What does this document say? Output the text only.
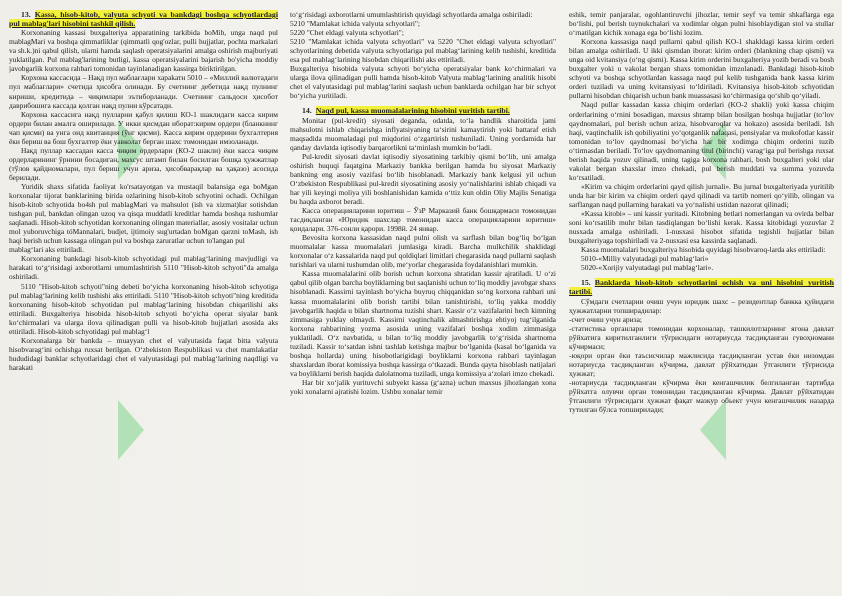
13. Kassa, hisob-kitob, valyuta schyoti va bankdagi boshqa schyotlardagi pul mablag'lari hisobini tashkil qilish.

Korxonaning kassasi buxgalteriya apparatining tarkibida boMib, unga naqd pul mablagMari va boshqa qimmatliklar (qimmatli qog'ozlar, pulli hujjatlar, pochta markalari va sh.k.)ni qabul qilish, ularni hamda saqlash operatsiyalarini amalga oshirish majburiyati yuklatilgan. Pul mablag'larining butligi, kassa operatsiyalarini bajarish bo'yicha moddiy javobgarlik korxona rahbari tomonidan tayinlanadigan kassirga biriktirilgan.

Корхона кассасида – Нақд пул маблағлари хараkатн 5010 – «Миллий валютадаги пул маблағлари» счетида ҳисобга олинади. Бу счетнинг дебетида нақд пулнинг кириши, кредитида – чиқимлари эътиборланади. Счетнинг сальдоси ҳисобот даврибошига кассада қолган нақд пулни кўрсатади.

Корхона кассасига нақд пулларни қабул қилиш КО-1 шаклидаги касса кирим ордери билан амалга оширилади. У икки қисмдан иборат:кирим ордери (бланкнинг чап қисми) ва унга оид квитанция (ўнг қисми). Касса кирим ордерини бухгалтерия ёки бериш ва бош бухгалтер ёки уавколат берган шахс томонидан имзоланади.

Нақд пуллар кассадан касса чиқим ордерлари (КО-2 шакли) ёки касса чиқим ордерларининг ўрнини босадиган, махсус штамп билан босилган бошқа ҳужжатлар (тўлов қайдномалари, пул бериш учун ариза, ҳисобварақлар ва ҳақазо) асосида берилади.

Yuridik shaxs sifatida faoliyat ko'rsatayotgan va mustaqil balansiga ega boMgan korxonalar tijorat banklarining birida ozlarining hisob-kitob schyotini ochadi. Ochilgan hisob-kitob schyotida bo4sh pul mablagMari va mahsulot (ish va xizmat)lar sotishdan tushgan pul, bankdan olingan uzoq va qisqa muddatli kreditlar hamda boshqa tushumlar saqlanadi. Hisob-kitob schyotidan korxonaning olingan materiallar, asosiy vositalar uchun mol yuboruvchiga tóMannalari, budjet, ijtimoiy sug'urtadan boMgan qarzni toMash, ish haqi berish uchun kassaga olingan pul va boshqa zaruratlar uchun to'langan pul

mablagʻlari aks ettiriladi.

Korxonaning bankdagi hisob-kitob schyotidagi pul mablagʻlarining mavjudligi va harakati toʻgʻrisidagi axborotlarni umumlashtirish 5110 "Hisob-kitob schyoti"da amalga oshiriladi.

5110 "Hisob-kitob schyoti"ning debeti boʻyicha korxonaning hisob-kitob schyotiga pul mablagʻlarining kelib tushishi aks ettiriladi. 5110 "Hisob-kitob schyoti"ning kreditida korxonaning hisob-kitob schyotidan pul mablagʻlarining hisobdan chiqarilishi aks ettiriladi. Buxgalteriya hisobida hisob-kitob schyoti boʻyicha operat siyalar bank koʻchirmalari va ularga ilova qilinadigan pulli va hisob-kitob hujjatlari asosida aks ettiriladi. Hisob-kitob schyotidagi pul mablagʻl

Korxonalarga bir bankda – muayyan chet el valyutasida faqat bitta valyuta hisobvaragʻini ochishga ruxsat berilgan. Oʻzbekiston Respublikasi va chet mamlakatlar hududidagi banklar schyotlaridagi chet el valyutasidagi pul mablagʻlarining naqdligi va harakati

toʻgʻrisidagi axborotlarni umumlashtirish quyidagi schyotlarda amalga oshiriladi:

5210 "Mamlakat ichida valyuta schyotlari";

5220 "Chet eldagi valyuta schyotlari";

5210 "Mamlakat ichida valyuta schyotlari" va 5220 "Chet eldagi valyuta schyotlari" schyotlarining debetida valyuta schyotlariga pul mablagʻlarining kelib tushishi, kreditida esa pul mablagʻlarining hisobdan chiqarilishi aks ettiriladi.

Buxgalteriya hisobida valyuta schyoti boʻyicha operatsiyalar bank koʻchirmalari va ularga ilova qilinadigan pulli hamda hisob-kitob Valyuta mablagʻlarining analitik hisobi chet el valyutasidagi pul mablagʻlarini saqlash uchun banklarda ochilgan har bir schyot boʻyicha yuritiladi.

14. Naqd pul, kassa muomalalarining hisobini yuritish tartibi.

Monitar (pul-kredit) siyosati deganda, odatda, toʻla bandlik sharoitida jami mahsulotni ishlab chiqarishga inflyatsiyaning taʻsirini kamaytirish yoki battaraf etish maqsadida muomaladagi pul miqdorini oʻzgartirish tushuniladi. Uning yordamida har qanday davlatda iqtisodiy barqarorlikni taʻminlash mumkin boʻladi.

Pul-kredit siyosati davlat iqtisodiy siyosatining tarkibiy qismi boʻlib, uni amalga oshirish huquqi faqatgina Markaziy bankka berilgan hamda bu siyosat Markaziy bankning eng asosiy vazifasi boʻlib hisoblanadi. Markaziy bank kelgusi yil uchun Oʻzbekiston Respublikasi pul-kredit siyosatining asosiy yoʻnalishlarini ishlab chiqadi va har yili keyingi moliya yili boshlanishidan kamida oʻttiz kun oldin Oliy Majlis Senatiga bu haqda axborot beradi.

Касса операцияларини юритиш – ЎзР Марказий банк бошқармаси томонидан тасдиқланган «Юридик шахслар томонидан касса операцияларини юритиш» қоидалари. 376-сонли қарори. 1998й. 24 январ.

Bevosita korxona kassasidan naqd pulni olish va sarflash bilan bogʻliq boʻlgan muomalalar kassa muomalalari jumlasiga kiradi. Barcha mulkchilik shaklidagi korxonalar oʻz kassalarida naqd pul qoldiqlari limitlari chegarasida naqd pullarni saqlash turishlari va ularni tushumdan olib, meʻyorlar chegarasida foydalanishlari mumkin.

Kassa muomalalarini olib borish uchun korxona shtatidan kassir ajratiladi. U oʻzi qabul qilib olgan barcha boyliklarning but saqlanishi uchun toʻliq moddiy javobgar shaxs hisoblanadi. Kassirni tayinlash boʻyicha buyruq chiqqanidan soʻng korxona rahbari uni kassa muomalalarini olib borish tartibi bilan tanishtirishi, toʻliq yakka moddiy javobgarlik haqida u bilan shartnoma tuzishi shart. Kassir oʻz vazifalarini hech kimning zimmasiga yuklay olmaydi. Kassirni vaqtinchalik almashtirishga ehtiyoj tugʻilganida korxona rahbarining yozma asosida uning vazifalari boshqa xodim zimmasiga yuklatiladi. Oʻz navbatida, u bilan toʻliq moddiy javobgarlik toʻgʻrisida shartnoma tuziladi. Kassir toʻsatdan ishni tashlab ketishga majbur boʻlganida (kasal boʻlganida va boshqa hollarda) uning hisobotlarigidagi boyliklarni korxona rahbari tayinlagan shaxslardan iborat komissiya boshqa kassirga oʻtkazadi. Bunda qayta hisoblash natijalari va boyliklarni berish haqida dalolatnoma tuziladi, unga komissiya aʻzolari imzo chekadi.

Har bir xoʻjalik yurituvchi subyekt kassa (gʻazna) uchun maxsus jihozlangan xona yoki xonalarni ajratishi lozim. Ushbu xonalar temir

eshik, temir panjaralar, ogohlantiruvchi jihozlar, temir seyf va temir shkaflarga ega boʻlishi, pul berish tuynukchalari va xodimlar olgan pulni hisoblaydigan stol va stullar oʻrnatilgan kichik xonaga ega boʻlishi lozim.

Korxona kassasiga naqd pullarni qabul qilish KO-1 shakldagi kassa kirim orderi bilan amalga oshiriladi. U ikki qismdan iborat: kirim orderi (blankning chap qismi) va unga oid kvitansiya (oʻng qismi). Kassa kirim orderini buxgalteriya yozib beradi va bosh buxgalter yoki u vakolat bergan shaxs tomonidan imzolanadi. Bankdagi hisob-kitob schyoti va boshqa schyotlardan kassaga naqd pul kelib tushganida bank kassa kirim orderi tuziladi va uning kvitansiyasi toʻldiriladi. Kvitansiya hisob-kitob schyotidan pullarni hisobdan chiqarish uchun bank muassasasi koʻchirmasiga qoʻshib qoʻyiladi.

Naqd pullar kassadan kassa chiqim orderlari (KO-2 shakli) yoki kassa chiqim orderlarining oʻrnini bosadigan, maxsus shtamp bilan bosilgan boshqa hujjatlar (toʻlov qaydnomalari, pul berish uchun ariza, hisobvaroqlar va hokazo) asosida beriladi. Ish haqi, vaqtinchalik ish qobiliyatini yoʻqotganlik nafaqasi, pensiyalar va mukofotlar kassir tomonidan toʻlov qaydnomasi boʻyicha har bir xodimga chiqim orderini tuzib oʻtirmasdan beriladi. Toʻlov qaydnomaning titul (birinchi) varagʻiga pul berishga ruxsat berish haqida yozuv qilinadi, uning tagiga korxona rahbari, bosh buxgalteri yoki ular vakolat bergan shaxslar imzo chekadi, pul berish muddati va summa yozuvda koʻrsatiladi.

«Kirim va chiqim orderlarini qayd qilish jurnali». Bu jurnal buxgalteriyada yuritilib unda har bir kirim va chiqim orderi qayd qilinadi va tartib nomeri qoʻyilib, olingan va sarflangan naqd pullarning harakati va yoʻnalishi ustidan nazorat qilinadi;

«Kassa kitobi» – uni kassir yuritadi. Kitobning betlari nomerlangan va ovirda belbar soni koʻrsatilib muhr bilan tasdiqlangan boʻlishi kerak. Kassa kitobidagi yozuvlar 2 nusxada amalga oshiriladi. 1-nusxasi hisobot sifatida tegishli hujjatlar bilan buxgalteriyaga topshiriladi va 2-nusxasi esa kassirda saqlanadi.

Kassa muomalalari buxgalteriya hisobida quyidagi hisobvaroq-larda aks ettiriladi:

5010-«Milliy valyutadagi pul mablagʻlari»

5020-«Xorijiy valyutadagi pul mablagʻlari».

15. Banklarda hisob-kitob schyotlarini ochish va uni hisobini yuritish tartibi.

Сўмдаги счетларни очиш учун юридик шахс – резидентлар банкка қуйидаги ҳужжатларни топширадилар:

-счет очиш учун ариза;

-статистика органлари томонидан корхоналар, ташкилотларнинг ягона давлат рўйхатига киритилганлиги тўғрисидаги нотариусда тасдиқланган гувоҳномани кўчирмаси;

-юқори орган ёки таъсисчилар мажлисида тасдиқланган устав ёки низомдан нотариусда тасдиқланган кўчирма, давлат рўйхатидан ўтганлиги тўғрисида ҳужжат;

-нотариусда тасдиқланган кўчирма ёки кенгашчилик белгиланган тартибда рўйхатга олувчи орган томонидан тасдиқланган кўчирма. Давлат рўйхатидан ўтганлиги тўғрисидаги ҳужжат фақат мазкур объект учун кенгашчилик назарда тутилган бўлса топширилади;
